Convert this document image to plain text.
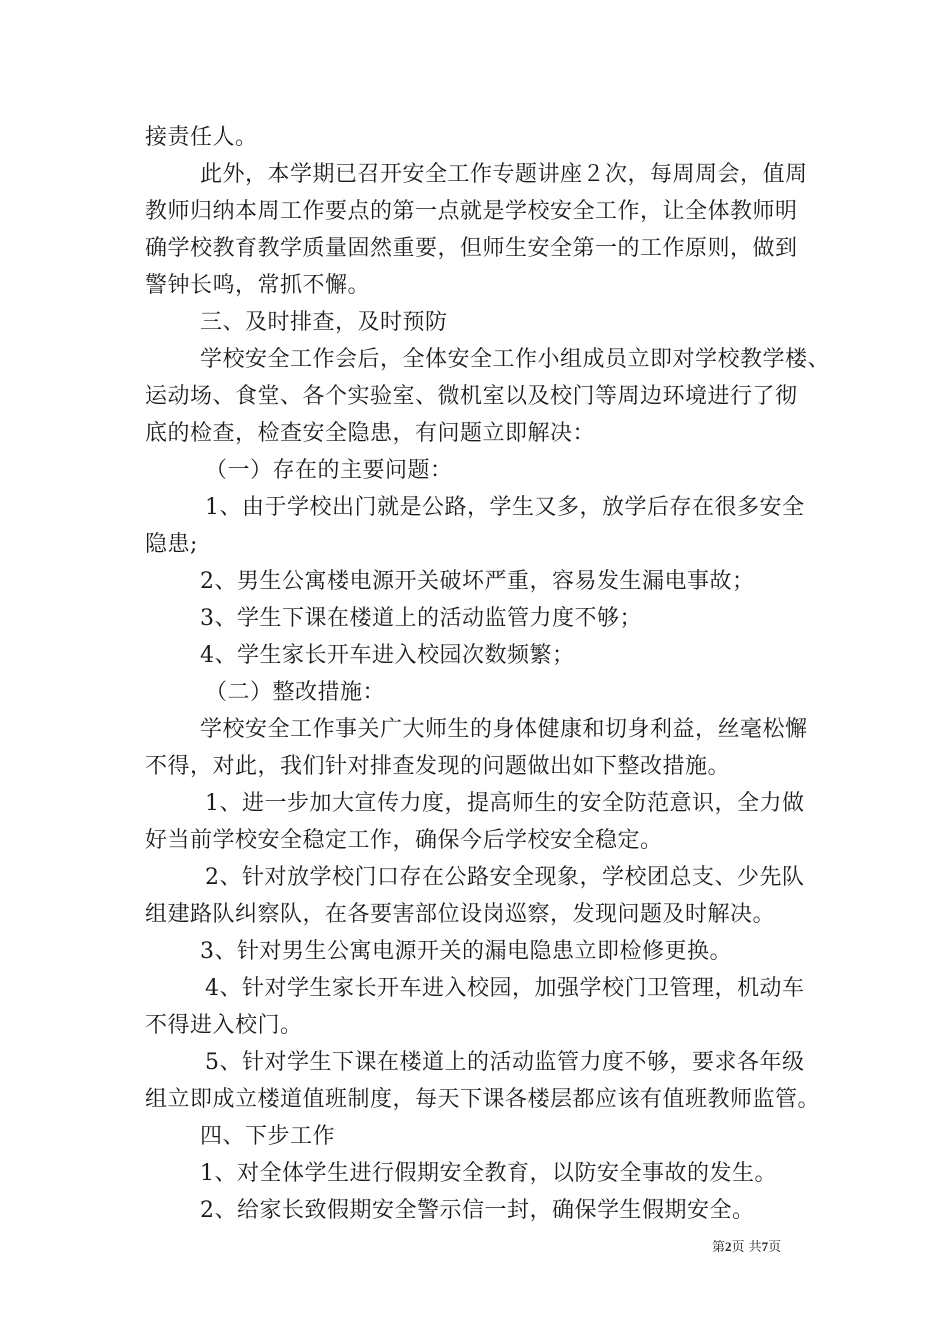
接责任人。
此外，本学期已召开安全工作专题讲座２次，每周周会，值周
教师归纳本周工作要点的第一点就是学校安全工作，让全体教师明
确学校教育教学质量固然重要，但师生安全第一的工作原则，做到
警钟长鸣，常抓不懈。
三、及时排查，及时预防
学校安全工作会后，全体安全工作小组成员立即对学校教学楼、
运动场、食堂、各个实验室、微机室以及校门等周边环境进行了彻
底的检查，检查安全隐患，有问题立即解决：
（一）存在的主要问题：
1、由于学校出门就是公路，学生又多，放学后存在很多安全
隐患;
2、男生公寓楼电源开关破坏严重，容易发生漏电事故；
3、学生下课在楼道上的活动监管力度不够；
4、学生家长开车进入校园次数频繁；
（二）整改措施：
学校安全工作事关广大师生的身体健康和切身利益，丝毫松懈
不得，对此，我们针对排查发现的问题做出如下整改措施。
1、进一步加大宣传力度，提高师生的安全防范意识，全力做
好当前学校安全稳定工作，确保今后学校安全稳定。
2、针对放学校门口存在公路安全现象，学校团总支、少先队
组建路队纠察队，在各要害部位设岗巡察，发现问题及时解决。
3、针对男生公寓电源开关的漏电隐患立即检修更换。
4、针对学生家长开车进入校园，加强学校门卫管理，机动车
不得进入校门。
5、针对学生下课在楼道上的活动监管力度不够，要求各年级
组立即成立楼道值班制度，每天下课各楼层都应该有值班教师监管。
四、下步工作
1、对全体学生进行假期安全教育，以防安全事故的发生。
2、给家长致假期安全警示信一封，确保学生假期安全。
第2页 共7页
